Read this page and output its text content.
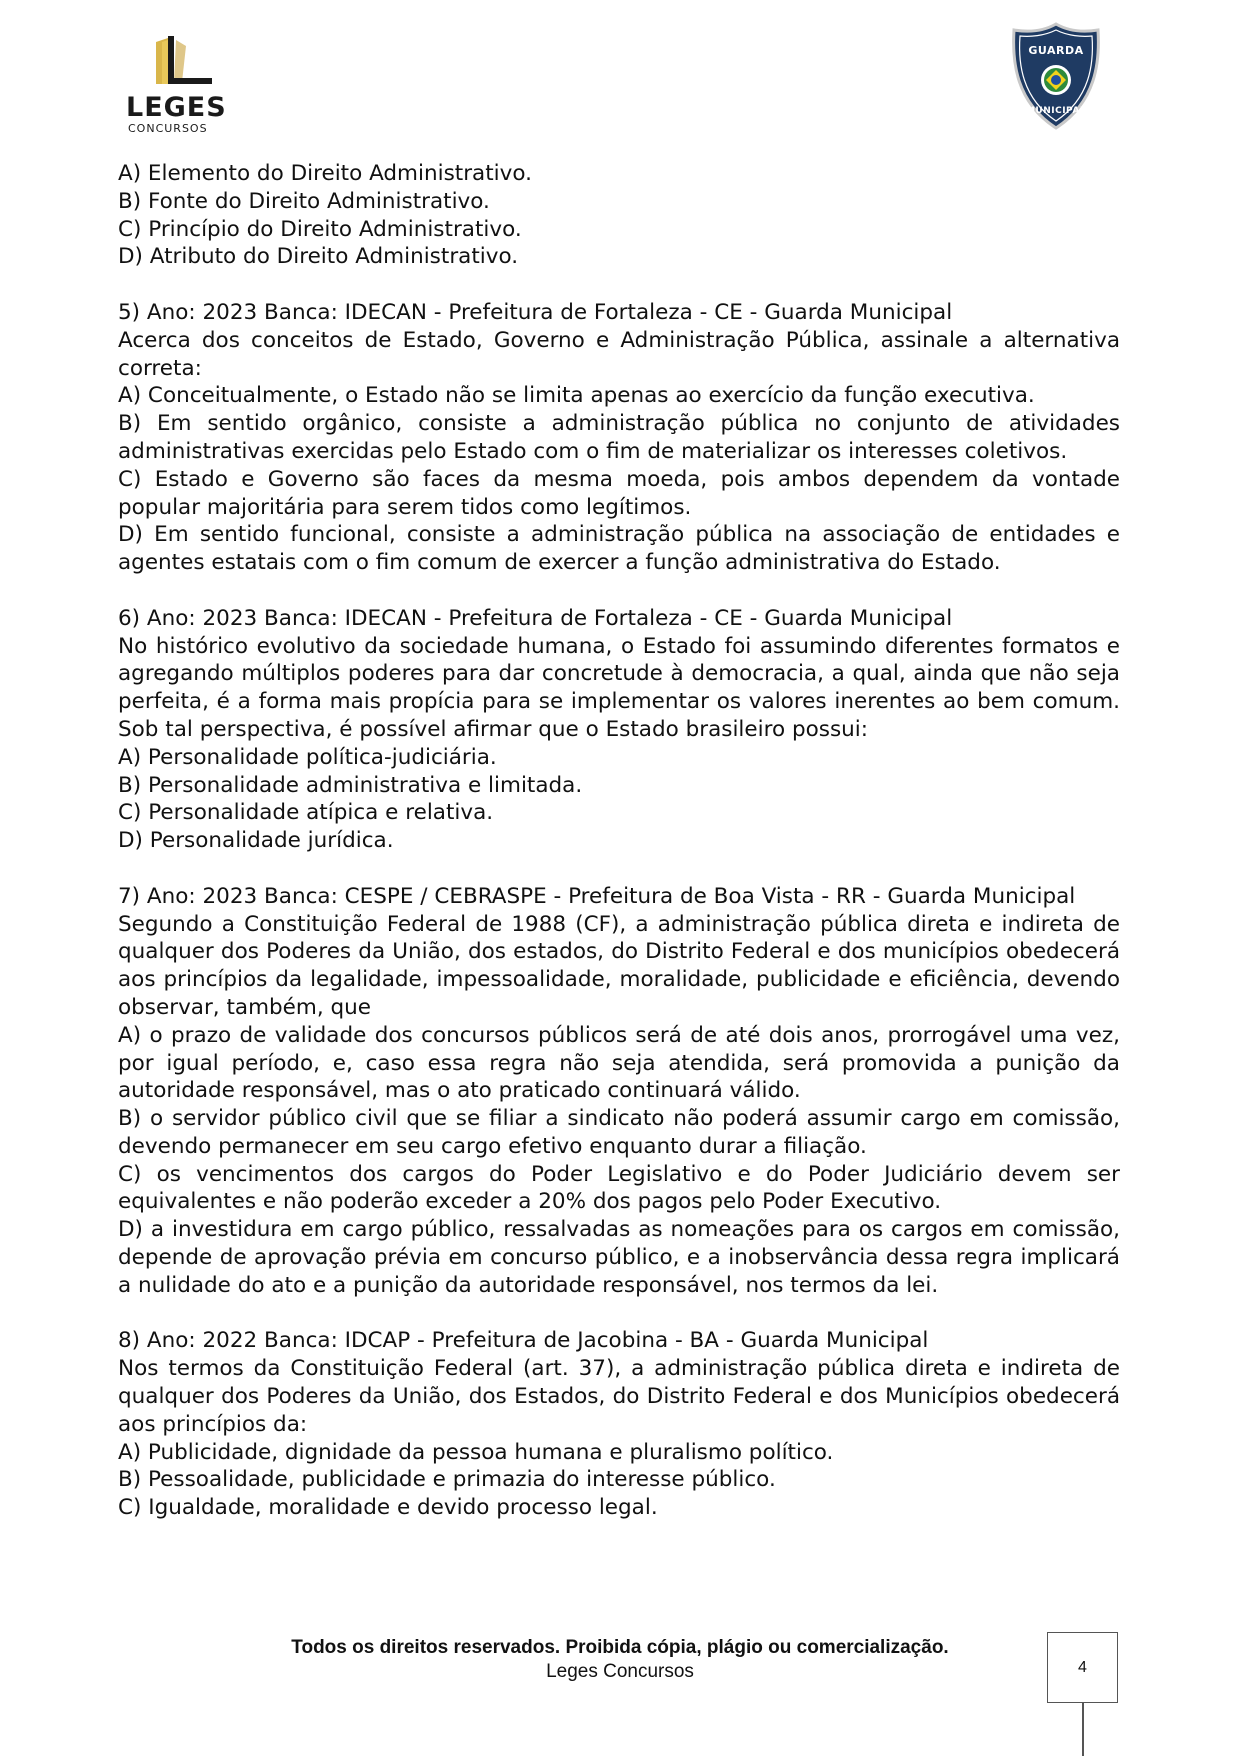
LEGES
CONCURSOS
GUARDA
MUNICIPAL

A) Elemento do Direito Administrativo.

B) Fonte do Direito Administrativo.

C) Princípio do Direito Administrativo.

D) Atributo do Direito Administrativo.

5) Ano: 2023 Banca: IDECAN - Prefeitura de Fortaleza - CE - Guarda Municipal

Acerca dos conceitos de Estado, Governo e Administração Pública, assinale a alternativa correta:

A) Conceitualmente, o Estado não se limita apenas ao exercício da função executiva.

B) Em sentido orgânico, consiste a administração pública no conjunto de atividades administrativas exercidas pelo Estado com o fim de materializar os interesses coletivos.

C) Estado e Governo são faces da mesma moeda, pois ambos dependem da vontade popular majoritária para serem tidos como legítimos.

D) Em sentido funcional, consiste a administração pública na associação de entidades e agentes estatais com o fim comum de exercer a função administrativa do Estado.

6) Ano: 2023 Banca: IDECAN - Prefeitura de Fortaleza - CE - Guarda Municipal

No histórico evolutivo da sociedade humana, o Estado foi assumindo diferentes formatos e agregando múltiplos poderes para dar concretude à democracia, a qual, ainda que não seja perfeita, é a forma mais propícia para se implementar os valores inerentes ao bem comum. Sob tal perspectiva, é possível afirmar que o Estado brasileiro possui:

A) Personalidade política-judiciária.

B) Personalidade administrativa e limitada.

C) Personalidade atípica e relativa.

D) Personalidade jurídica.

7) Ano: 2023 Banca: CESPE / CEBRASPE - Prefeitura de Boa Vista - RR - Guarda Municipal

Segundo a Constituição Federal de 1988 (CF), a administração pública direta e indireta de qualquer dos Poderes da União, dos estados, do Distrito Federal e dos municípios obedecerá aos princípios da legalidade, impessoalidade, moralidade, publicidade e eficiência, devendo observar, também, que

A) o prazo de validade dos concursos públicos será de até dois anos, prorrogável uma vez, por igual período, e, caso essa regra não seja atendida, será promovida a punição da autoridade responsável, mas o ato praticado continuará válido.

B) o servidor público civil que se filiar a sindicato não poderá assumir cargo em comissão, devendo permanecer em seu cargo efetivo enquanto durar a filiação.

C) os vencimentos dos cargos do Poder Legislativo e do Poder Judiciário devem ser equivalentes e não poderão exceder a 20% dos pagos pelo Poder Executivo.

D) a investidura em cargo público, ressalvadas as nomeações para os cargos em comissão, depende de aprovação prévia em concurso público, e a inobservância dessa regra implicará a nulidade do ato e a punição da autoridade responsável, nos termos da lei.

8) Ano: 2022 Banca: IDCAP - Prefeitura de Jacobina - BA - Guarda Municipal

Nos termos da Constituição Federal (art. 37), a administração pública direta e indireta de qualquer dos Poderes da União, dos Estados, do Distrito Federal e dos Municípios obedecerá aos princípios da:

A) Publicidade, dignidade da pessoa humana e pluralismo político.

B) Pessoalidade, publicidade e primazia do interesse público.

C) Igualdade, moralidade e devido processo legal.

Todos os direitos reservados. Proibida cópia, plágio ou comercialização.
Leges Concursos	4
